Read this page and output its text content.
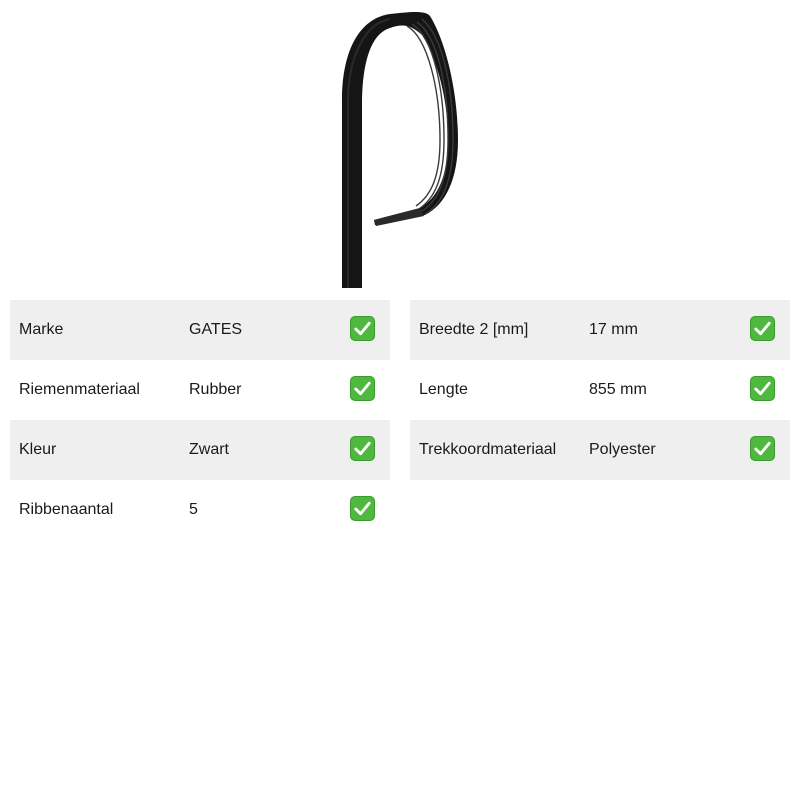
Marke	GATES
Riemenmateriaal	Rubber
Kleur	Zwart
Ribbenaantal	5
Breedte 2 [mm]	17 mm
Lengte	855 mm
Trekkoordmateriaal Polyester
